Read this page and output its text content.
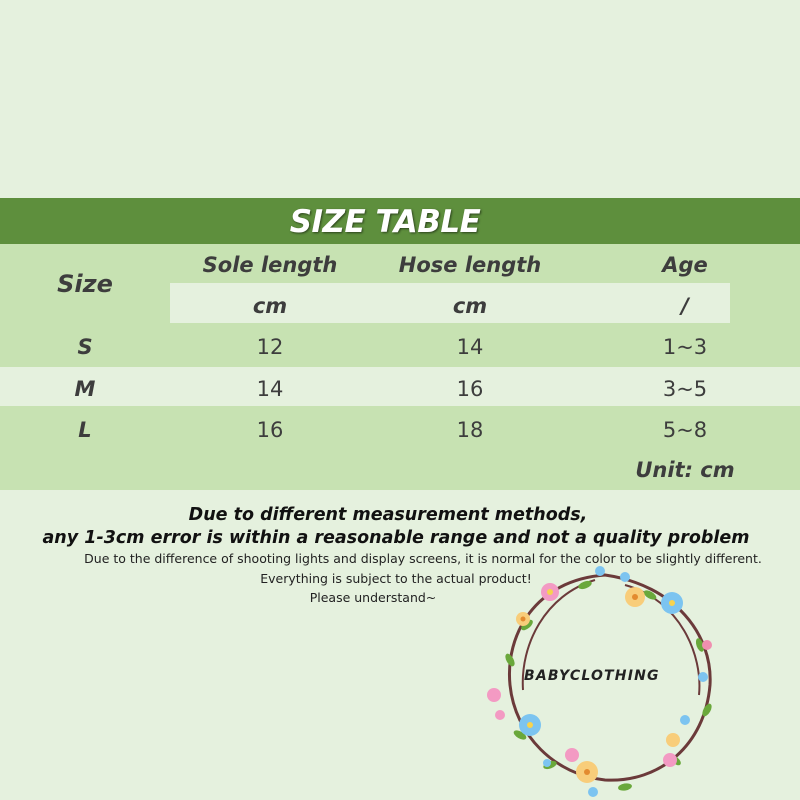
SIZE TABLE
Size
Sole length	Hose length	Age
cm	cm	/
S	12	14	1~3
M	14	16	3~5
L	16	18	5~8
Unit: cm
Due to different measurement methods,
any 1-3cm error is within a reasonable range and not a quality problem
Due to the difference of shooting lights and display screens, it is normal for the color to be slightly different.
Everything is subject to the actual product!
Please understand~
BABYCLOTHING
